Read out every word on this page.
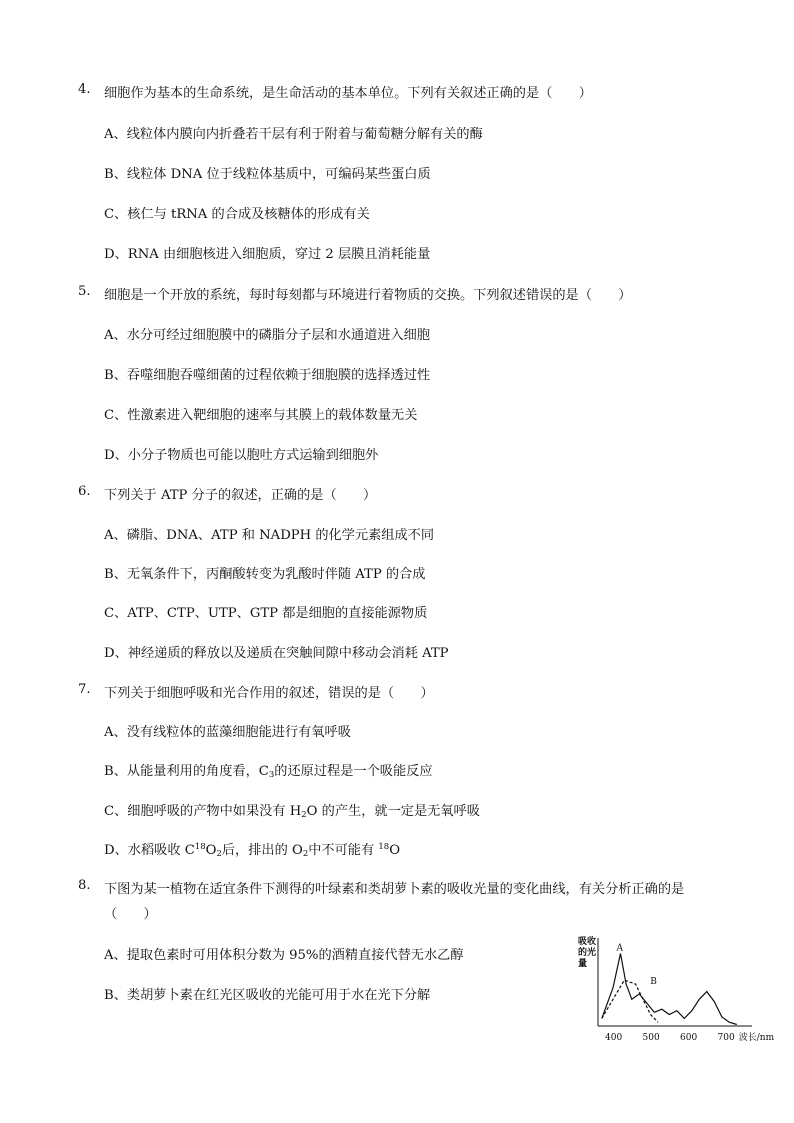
4. 细胞作为基本的生命系统，是生命活动的基本单位。下列有关叙述正确的是（　　）
A、线粒体内膜向内折叠若干层有利于附着与葡萄糖分解有关的酶
B、线粒体 DNA 位于线粒体基质中，可编码某些蛋白质
C、核仁与 tRNA 的合成及核糖体的形成有关
D、RNA 由细胞核进入细胞质，穿过 2 层膜且消耗能量
5. 细胞是一个开放的系统，每时每刻都与环境进行着物质的交换。下列叙述错误的是（　　）
A、水分可经过细胞膜中的磷脂分子层和水通道进入细胞
B、吞噬细胞吞噬细菌的过程依赖于细胞膜的选择透过性
C、性激素进入靶细胞的速率与其膜上的载体数量无关
D、小分子物质也可能以胞吐方式运输到细胞外
6. 下列关于 ATP 分子的叙述，正确的是（　　）
A、磷脂、DNA、ATP 和 NADPH 的化学元素组成不同
B、无氧条件下，丙酮酸转变为乳酸时伴随 ATP 的合成
C、ATP、CTP、UTP、GTP 都是细胞的直接能源物质
D、神经递质的释放以及递质在突触间隙中移动会消耗 ATP
7. 下列关于细胞呼吸和光合作用的叙述，错误的是（　　）
A、没有线粒体的蓝藻细胞能进行有氧呼吸
B、从能量利用的角度看，$C_3$的还原过程是一个吸能反应
C、细胞呼吸的产物中如果没有 $H_2O$ 的产生，就一定是无氧呼吸
D、水稻吸收 $C^{18}O_2$后，排出的 $O_2$中不可能有 $^{18}$O
8. 下图为某一植物在适宜条件下测得的叶绿素和类胡萝卜素的吸收光量的变化曲线，有关分析正确的是
（　　）
A、提取色素时可用体积分数为 95%的酒精直接代替无水乙醇
B、类胡萝卜素在红光区吸收的光能可用于水在光下分解
A
B
吸收
的光
量
400 500 600 700 波长/nm
